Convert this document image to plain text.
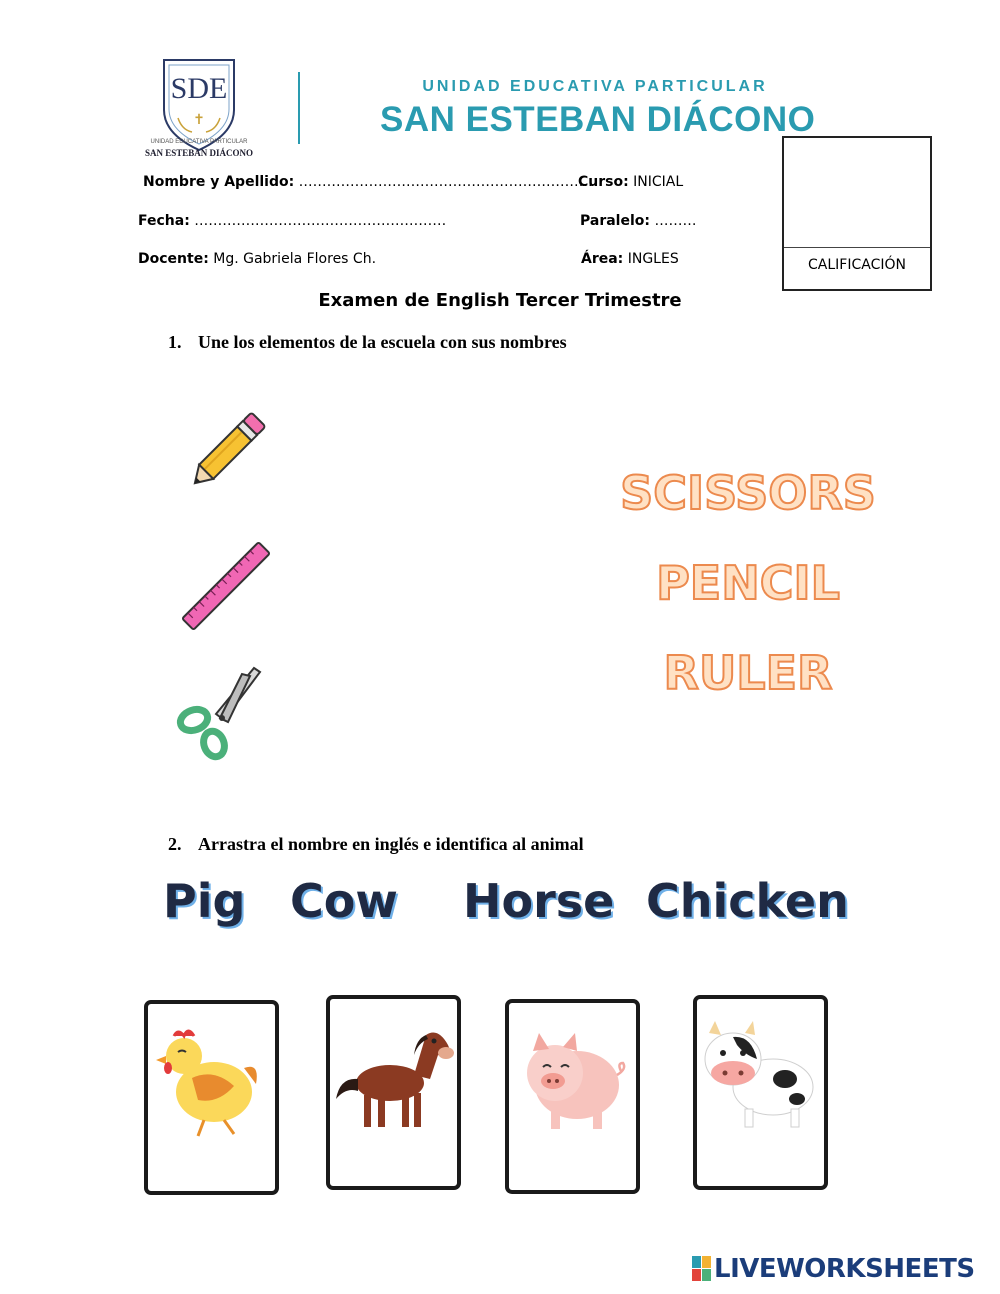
SDE
✝
UNIDAD EDUCATIVA PARTICULAR
SAN ESTEBAN DIÁCONO
UNIDAD EDUCATIVA PARTICULAR
SAN ESTEBAN DIÁCONO
CALIFICACIÓN
Nombre y Apellido: ………………………………………………………
Curso: INICIAL
Fecha: ………………………………………………	Paralelo: ………
Docente: Mg. Gabriela Flores Ch.	Área: INGLES
Examen de English Tercer Trimestre
1. Une los elementos de la escuela con sus nombres
SCISSORS
PENCIL
RULER
2. Arrastra el nombre en inglés e identifica al animal
Pig Cow Horse Chicken
LIVEWORKSHEETS
